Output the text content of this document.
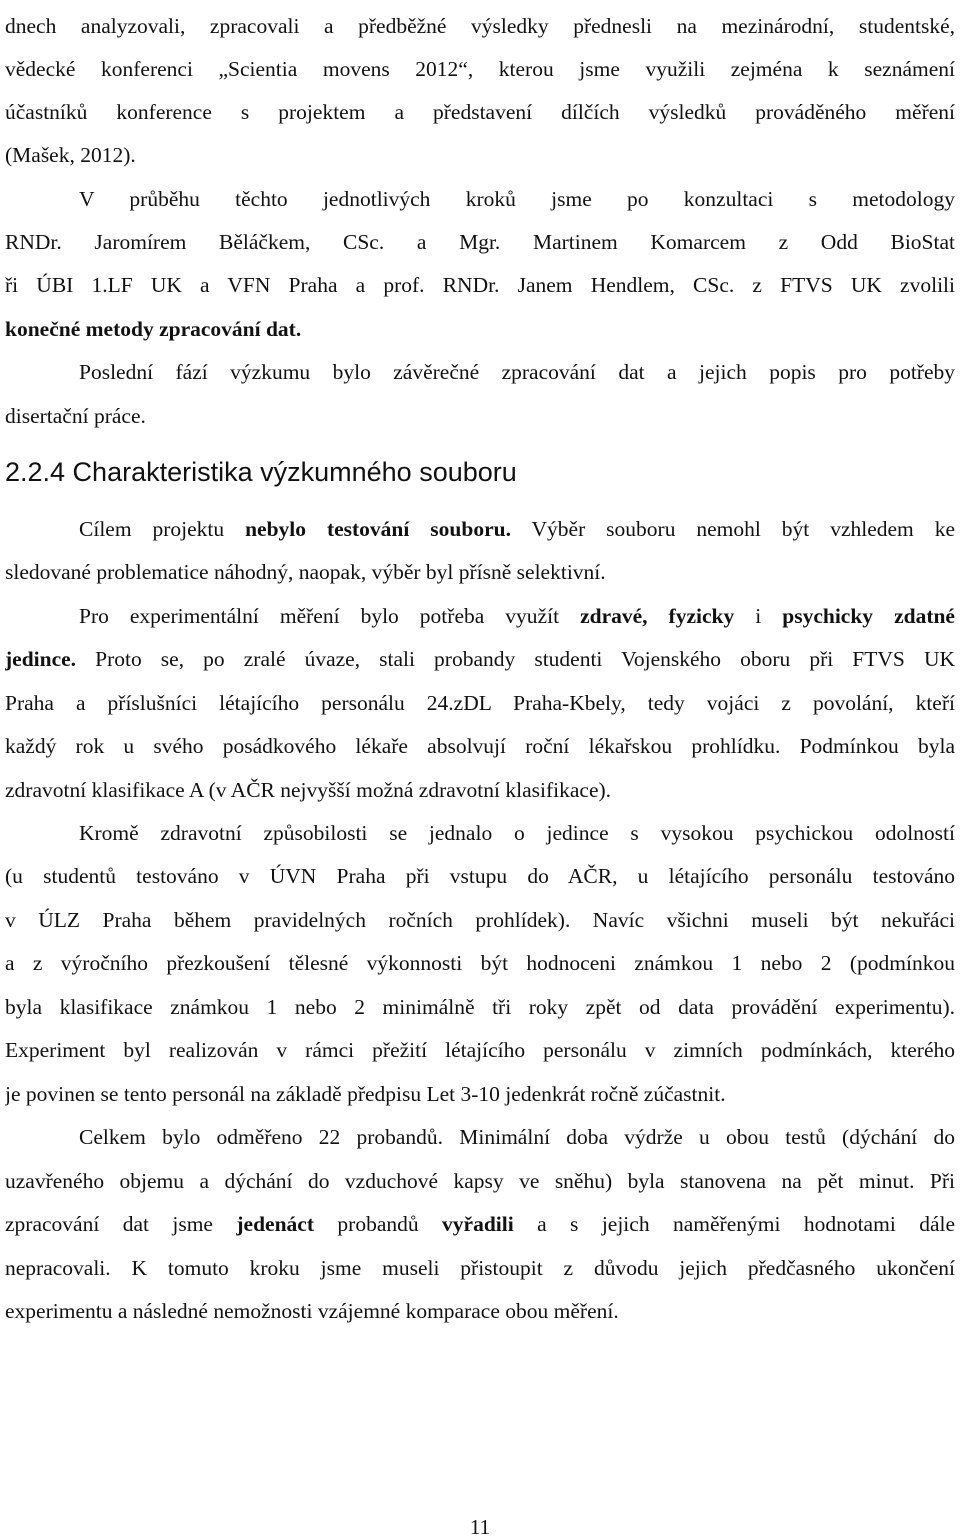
dnech analyzovali, zpracovali a předběžné výsledky přednesli na mezinárodní, studentské,
vědecké konferenci „Scientia movens 2012“, kterou jsme využili zejména k seznámení
účastníků konference s projektem a představení dílčích výsledků prováděného měření
(Mašek, 2012).
V průběhu těchto jednotlivých kroků jsme po konzultaci s metodology
RNDr. Jaromírem Běláčkem, CSc. a Mgr. Martinem Komarcem z Odd BioStat
ři ÚBI 1.LF UK a VFN Praha a prof. RNDr. Janem Hendlem, CSc. z FTVS UK zvolili
konečné metody zpracování dat.
Poslední fází výzkumu bylo závěrečné zpracování dat a jejich popis pro potřeby
disertační práce.
2.2.4 Charakteristika výzkumného souboru
Cílem projektu nebylo testování souboru. Výběr souboru nemohl být vzhledem ke
sledované problematice náhodný, naopak, výběr byl přísně selektivní.
Pro experimentální měření bylo potřeba využít zdravé, fyzicky i psychicky zdatné
jedince. Proto se, po zralé úvaze, stali probandy studenti Vojenského oboru při FTVS UK
Praha a příslušníci létajícího personálu 24.zDL Praha-Kbely, tedy vojáci z povolání, kteří
každý rok u svého posádkového lékaře absolvují roční lékařskou prohlídku. Podmínkou byla
zdravotní klasifikace A (v AČR nejvyšší možná zdravotní klasifikace).
Kromě zdravotní způsobilosti se jednalo o jedince s vysokou psychickou odolností
(u studentů testováno v ÚVN Praha při vstupu do AČR, u létajícího personálu testováno
v ÚLZ Praha během pravidelných ročních prohlídek). Navíc všichni museli být nekuřáci
a z výročního přezkoušení tělesné výkonnosti být hodnoceni známkou 1 nebo 2 (podmínkou
byla klasifikace známkou 1 nebo 2 minimálně tři roky zpět od data provádění experimentu).
Experiment byl realizován v rámci přežití létajícího personálu v zimních podmínkách, kterého
je povinen se tento personál na základě předpisu Let 3-10 jedenkrát ročně zúčastnit.
Celkem bylo odměřeno 22 probandů. Minimální doba výdrže u obou testů (dýchání do
uzavřeného objemu a dýchání do vzduchové kapsy ve sněhu) byla stanovena na pět minut. Při
zpracování dat jsme jedenáct probandů vyřadili a s jejich naměřenými hodnotami dále
nepracovali. K tomuto kroku jsme museli přistoupit z důvodu jejich předčasného ukončení
experimentu a následné nemožnosti vzájemné komparace obou měření.
11
